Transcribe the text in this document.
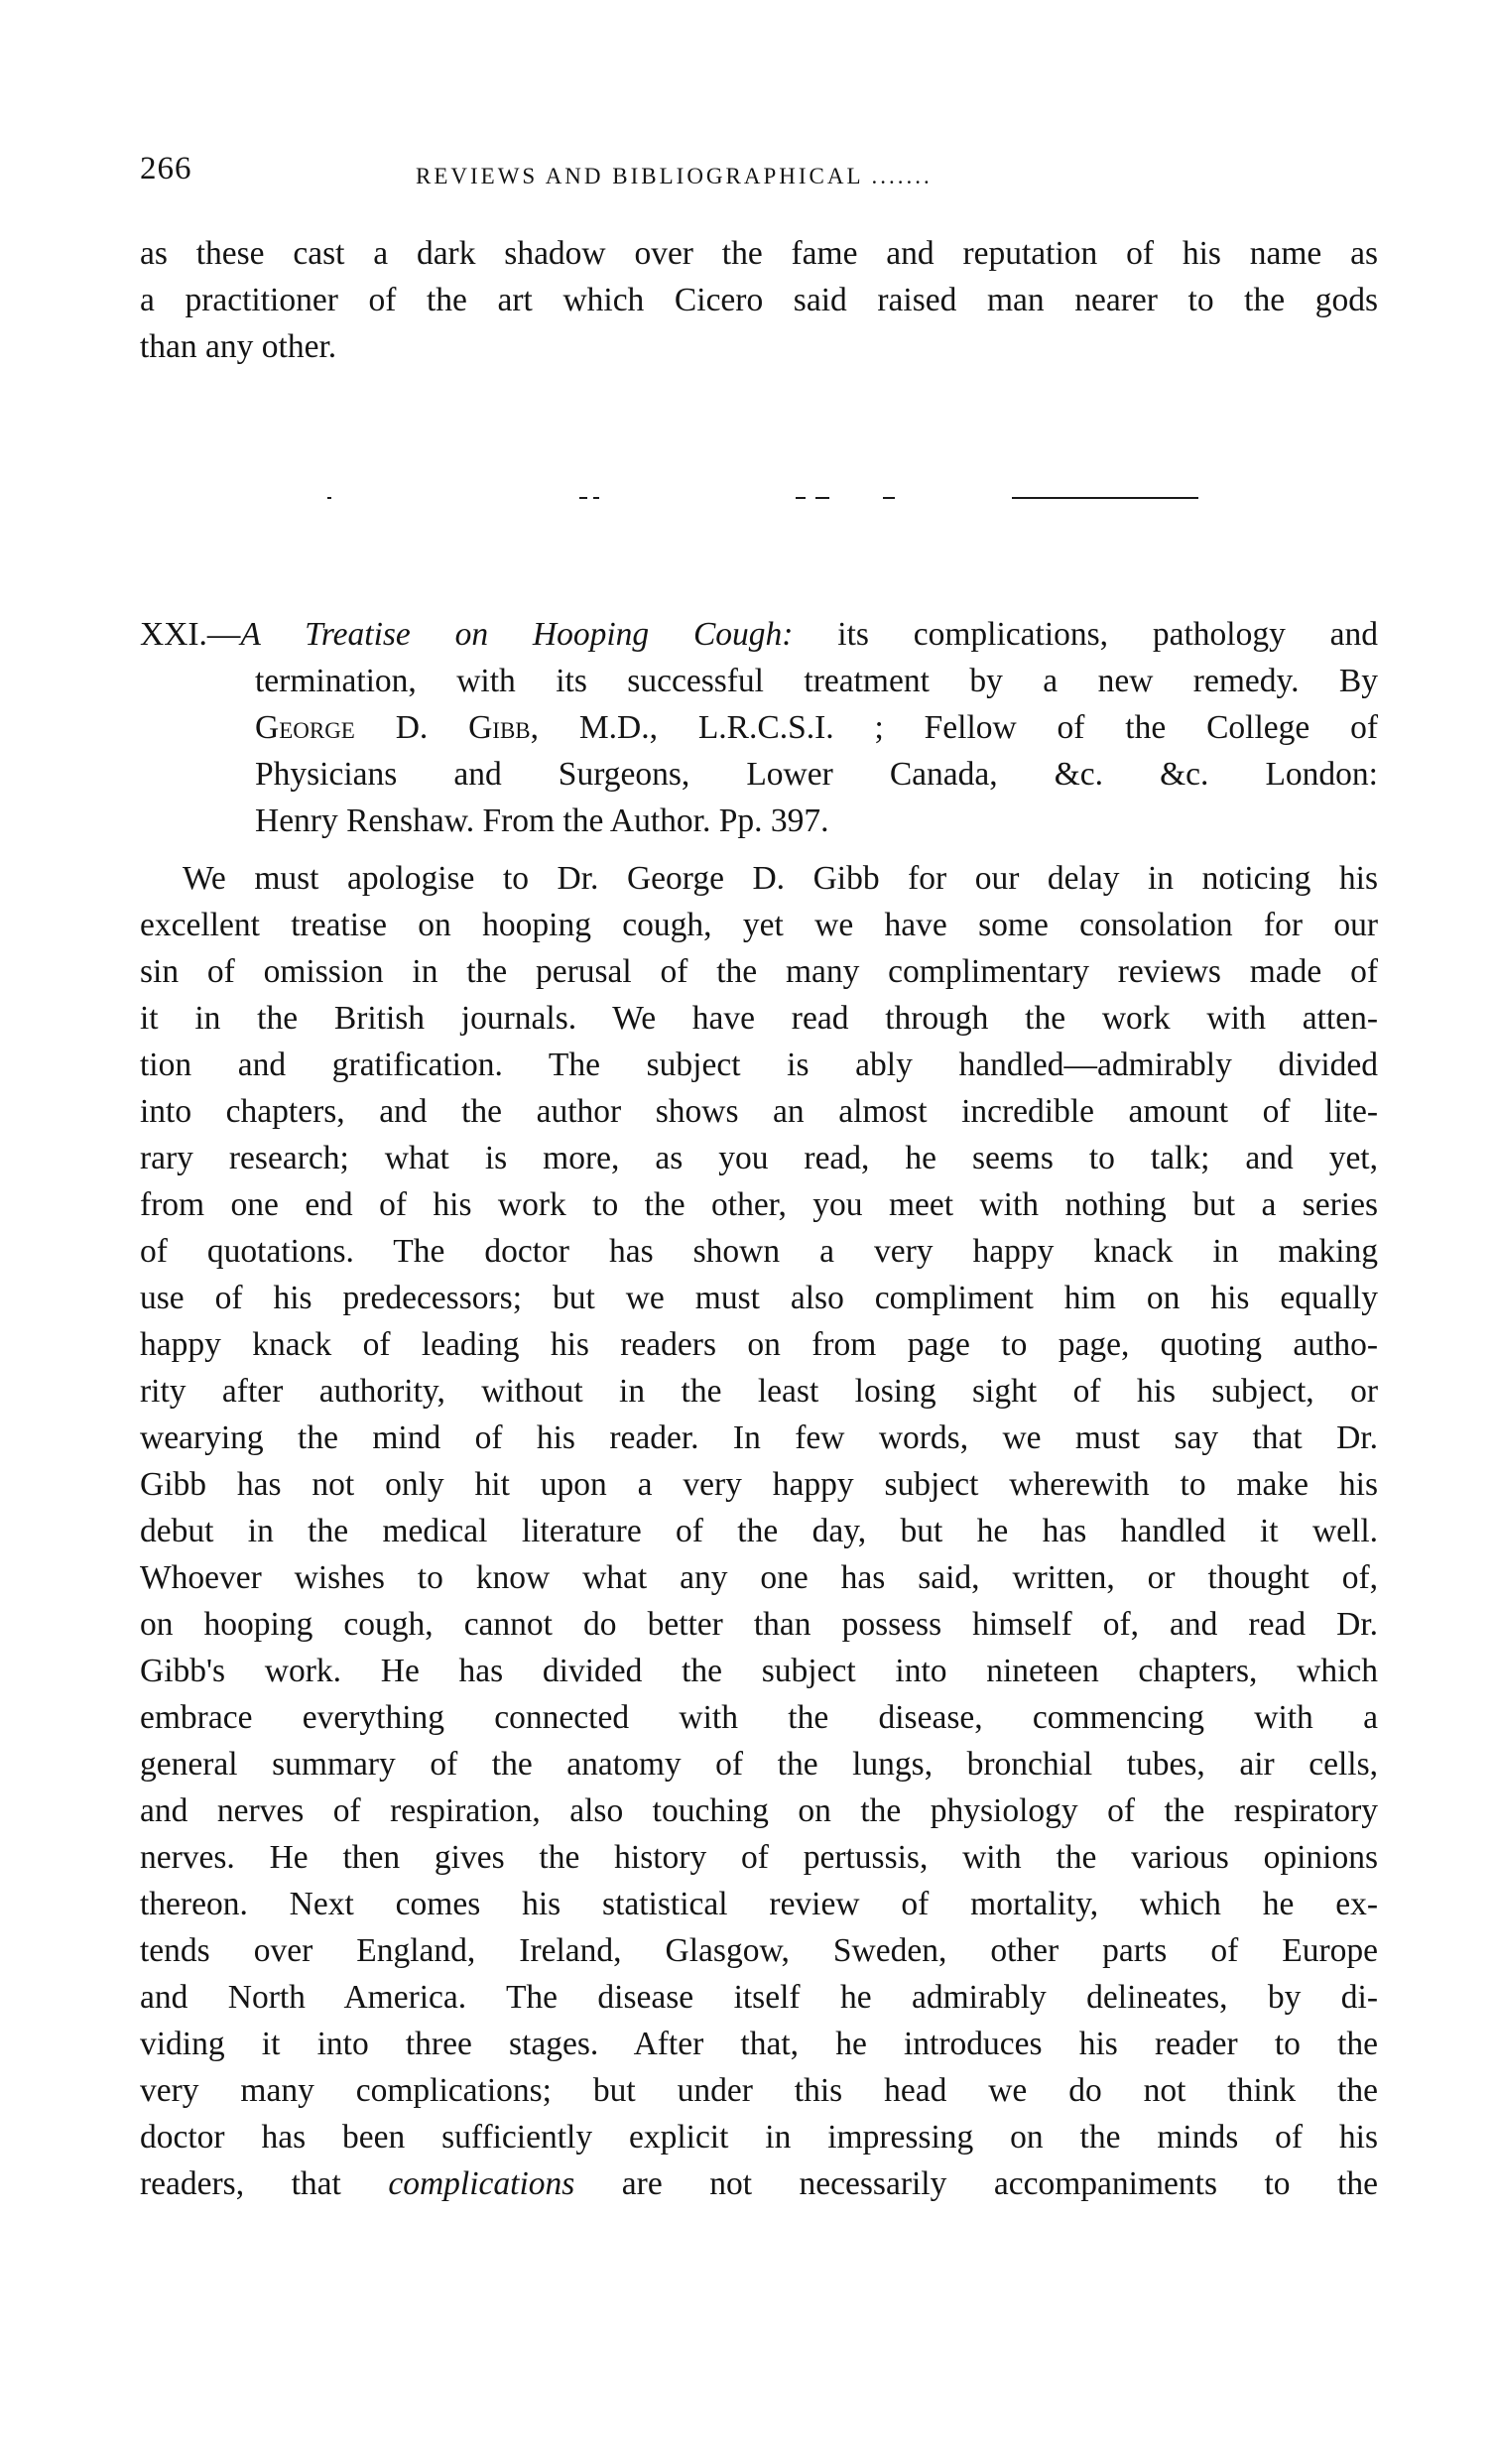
266	REVIEWS AND BIBLIOGRAPHICAL .......
as these cast a dark shadow over the fame and reputation of his name as
a practitioner of the art which Cicero said raised man nearer to the gods
than any other.
XXI.—A Treatise on Hooping Cough: its complications, pathology and
termination, with its successful treatment by a new remedy. By
George D. Gibb, M.D., L.R.C.S.I. ; Fellow of the College of
Physicians and Surgeons, Lower Canada, &c. &c. London:
Henry Renshaw. From the Author. Pp. 397.
We must apologise to Dr. George D. Gibb for our delay in noticing his
excellent treatise on hooping cough, yet we have some consolation for our
sin of omission in the perusal of the many complimentary reviews made of
it in the British journals. We have read through the work with atten-
tion and gratification. The subject is ably handled—admirably divided
into chapters, and the author shows an almost incredible amount of lite-
rary research; what is more, as you read, he seems to talk; and yet,
from one end of his work to the other, you meet with nothing but a series
of quotations. The doctor has shown a very happy knack in making
use of his predecessors; but we must also compliment him on his equally
happy knack of leading his readers on from page to page, quoting autho-
rity after authority, without in the least losing sight of his subject, or
wearying the mind of his reader. In few words, we must say that Dr.
Gibb has not only hit upon a very happy subject wherewith to make his
debut in the medical literature of the day, but he has handled it well.
Whoever wishes to know what any one has said, written, or thought of,
on hooping cough, cannot do better than possess himself of, and read Dr.
Gibb's work. He has divided the subject into nineteen chapters, which
embrace everything connected with the disease, commencing with a
general summary of the anatomy of the lungs, bronchial tubes, air cells,
and nerves of respiration, also touching on the physiology of the respiratory
nerves. He then gives the history of pertussis, with the various opinions
thereon. Next comes his statistical review of mortality, which he ex-
tends over England, Ireland, Glasgow, Sweden, other parts of Europe
and North America. The disease itself he admirably delineates, by di-
viding it into three stages. After that, he introduces his reader to the
very many complications; but under this head we do not think the
doctor has been sufficiently explicit in impressing on the minds of his
readers, that complications are not necessarily accompaniments to the
